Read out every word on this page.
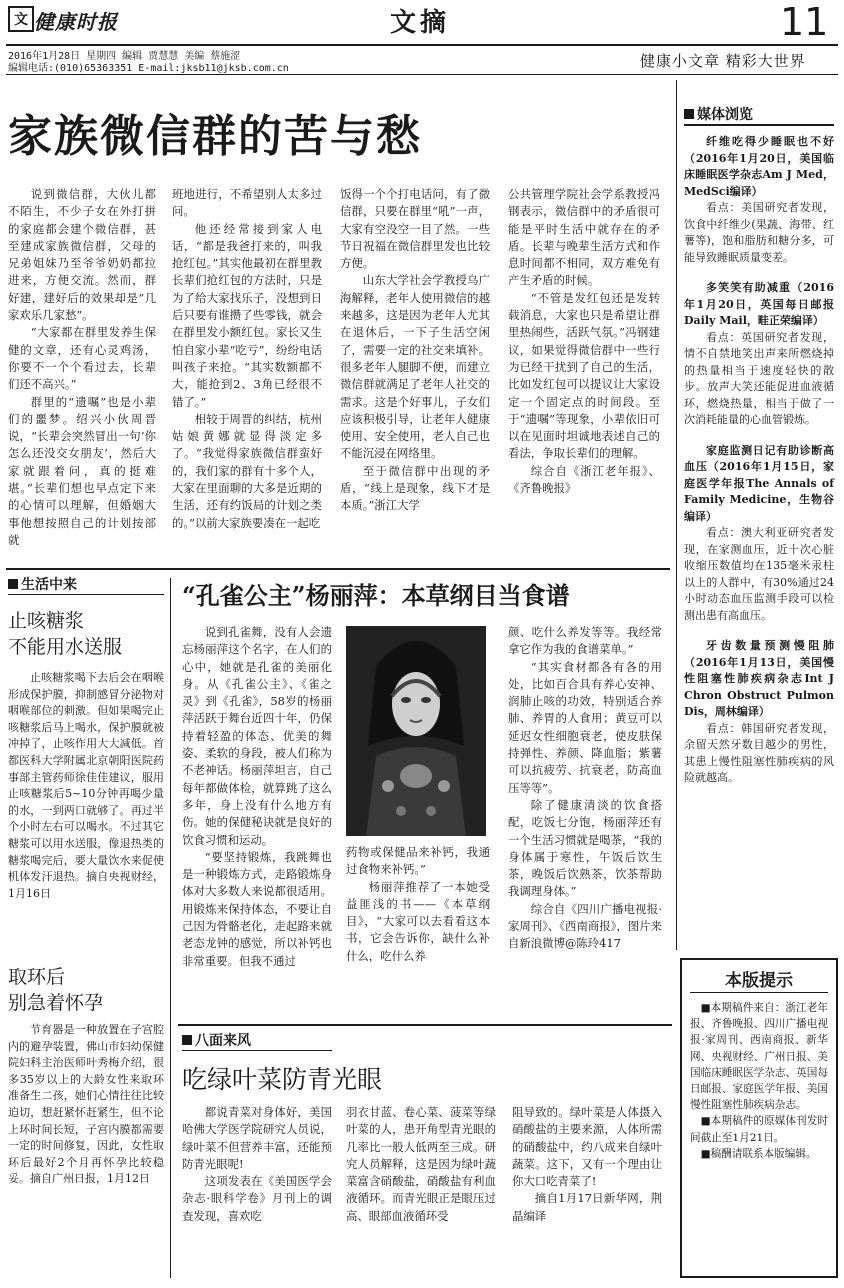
文 健康时报	文摘	11
2016年1月28日 星期四 编辑 贾慧慧 美编 蔡施涩
编辑电话:(010)65363351 E-mail:jksb11@jksb.com.cn	健康小文章 精彩大世界
家族微信群的苦与愁

说到微信群，大伙儿都不陌生，不少子女在外打拼的家庭都会建个微信群，甚至建成家族微信群，父母的兄弟姐妹乃至爷爷奶奶都拉进来，方便交流。然而，群好建，建好后的效果却是“几家欢乐几家愁”。

“大家都在群里发养生保健的文章，还有心灵鸡汤，你要不一个个看过去，长辈们还不高兴。”

群里的“遗嘱”也是小辈们的噩梦。绍兴小伙周晋说，“长辈会突然冒出一句‘你怎么还没交女朋友’，然后大家就跟着问，真的挺难堪。”长辈们想也早点定下来的心情可以理解，但婚姻大事他想按照自己的计划按部就

班地进行，不希望别人太多过问。

他还经常接到家人电话，“都是我爸打来的，叫我抢红包。”其实他最初在群里教长辈们抢红包的方法时，只是为了给大家找乐子，没想到日后只要有谁攒了些零钱，就会在群里发小额红包。家长又生怕自家小辈“吃亏”，纷纷电话叫孩子来抢。“其实数额都不大，能抢到2、3角已经很不错了。”

相较于周晋的纠结，杭州姑娘黄娜就显得淡定多了。“我觉得家族微信群蛮好的，我们家的群有十多个人，大家在里面聊的大多是近期的生活，还有约饭局的计划之类的。”以前大家族要凑在一起吃

饭得一个个打电话问，有了微信群，只要在群里“吼”一声，大家有空没空一目了然。一些节日祝福在微信群里发也比较方便。

山东大学社会学教授乌广海解释，老年人使用微信的越来越多，这是因为老年人尤其在退休后，一下子生活空闲了，需要一定的社交来填补。很多老年人腿脚不便，而建立微信群就满足了老年人社交的需求。这是个好事儿，子女们应该积极引导，让老年人健康使用、安全使用，老人自己也不能沉浸在网络里。

至于微信群中出现的矛盾，“线上是现象，线下才是本质。”浙江大学

公共管理学院社会学系教授冯钢表示，微信群中的矛盾很可能是平时生活中就存在的矛盾。长辈与晚辈生活方式和作息时间都不相同，双方难免有产生矛盾的时候。

“不管是发红包还是发转载消息，大家也只是希望让群里热闹些，活跃气氛。”冯钢建议，如果觉得微信群中一些行为已经干扰到了自己的生活，比如发红包可以提议让大家设定一个固定点的时间段。至于“遗嘱”等现象，小辈依旧可以在见面时坦诚地表述自己的看法，争取长辈们的理解。

综合自《浙江老年报》、《齐鲁晚报》

媒体浏览

纤维吃得少睡眠也不好（2016年1月20日，美国临床睡眠医学杂志Am J Med，MedSci编译）

看点：美国研究者发现，饮食中纤维少(果蔬、海带、红薯等)，饱和脂肪和糖分多，可能导致睡眠质量变差。

多笑笑有助减重（2016年1月20日，英国每日邮报Daily Mail，畦正荣编译）

看点：英国研究者发现，情不自禁地笑出声来所燃烧掉的热量相当于速度轻快的散步。放声大笑还能促进血液循环，燃烧热量，相当于做了一次消耗能量的心血管锻炼。

家庭监测日记有助诊断高血压（2016年1月15日，家庭医学年报The Annals of Family Medicine，生物谷编译）

看点：澳大利亚研究者发现，在家测血压，近十次心脏收缩压数值均在135毫米汞柱以上的人群中，有30%通过24小时动态血压监测手段可以检测出患有高血压。

牙齿数量预测慢阻肺（2016年1月13日，美国慢性阻塞性肺疾病杂志Int J Chron Obstruct Pulmon Dis，周林编译）

看点：韩国研究者发现，余留天然牙数目越少的男性，其患上慢性阻塞性肺疾病的风险就越高。

生活中来
止咳糖浆
不能用水送服

止咳糖浆喝下去后会在咽喉形成保护膜，抑制感冒分泌物对咽喉部位的刺激。但如果喝完止咳糖浆后马上喝水，保护膜就被冲掉了，止咳作用大大减低。首都医科大学附属北京朝阳医院药事部主管药师徐佳佳建议，服用止咳糖浆后5~10分钟再喝少量的水，一到两口就够了。再过半个小时左右可以喝水。不过其它糖浆可以用水送服，像退热类的糖浆喝完后，要大量饮水来促使机体发汗退热。摘自央视财经，1月16日

取环后
别急着怀孕

节育器是一种放置在子宫腔内的避孕装置，佛山市妇幼保健院妇科主治医师叶秀梅介绍，很多35岁以上的大龄女性来取环准备生二孩，她们心情往往比较迫切，想赶紧怀赶紧生，但不论上环时间长短，子宫内膜都需要一定的时间修复，因此，女性取环后最好2个月再怀孕比较稳妥。摘自广州日报，1月12日

“孔雀公主”杨丽萍：本草纲目当食谱

说到孔雀舞，没有人会遗忘杨丽萍这个名字，在人们的心中，她就是孔雀的美丽化身。从《孔雀公主》、《雀之灵》到《孔雀》，58岁的杨丽萍活跃于舞台近四十年，仍保持着轻盈的体态、优美的舞姿、柔软的身段，被人们称为不老神话。杨丽萍坦言，自己每年都做体检，就算跳了这么多年，身上没有什么地方有伤。她的保健秘诀就是良好的饮食习惯和运动。

“要坚持锻炼，我跳舞也是一种锻炼方式，走路锻炼身体对大多数人来说都很适用。用锻炼来保持体态，不要让自己因为骨骼老化，走起路来就老态龙钟的感觉，所以补钙也非常重要。但我不通过

药物或保健品来补钙，我通过食物来补钙。”

杨丽萍推荐了一本她受益匪浅的书——《本草纲目》，“大家可以去看看这本书，它会告诉你，缺什么补什么，吃什么养

颜、吃什么养发等等。我经常拿它作为我的食谱菜单。”

“其实食材都各有各的用处，比如百合具有养心安神、润肺止咳的功效，特别适合养肺、养胃的人食用；黄豆可以延迟女性细胞衰老，使皮肤保持弹性、养颜、降血脂；紫薯可以抗疲劳、抗衰老，防高血压等等”。

除了健康清淡的饮食搭配，吃饭七分饱，杨丽萍还有一个生活习惯就是喝茶，“我的身体属于寒性，午饭后饮生茶，晚饭后饮熟茶，饮茶帮助我调理身体。”

综合自《四川广播电视报·家周刊》、《西南商报》，图片来自新浪微博@陈玲417

八面来风
吃绿叶菜防青光眼

都说青菜对身体好，美国哈佛大学医学院研究人员说，绿叶菜不但营养丰富，还能预防青光眼呢!

这项发表在《美国医学会杂志·眼科学卷》月刊上的调查发现，喜欢吃

羽衣甘蓝、卷心菜、菠菜等绿叶菜的人，患开角型青光眼的几率比一般人低两至三成。研究人员解释，这是因为绿叶蔬菜富含硝酸盐，硝酸盐有利血液循环。而青光眼正是眼压过高、眼部血液循环受

阻导致的。绿叶菜是人体摄入硝酸盐的主要来源，人体所需的硝酸盐中，约八成来自绿叶蔬菜。这下，又有一个理由让你大口吃青菜了!

摘自1月17日新华网，荆晶编译

本版提示

■本期稿件来自：浙江老年报、齐鲁晚报、四川广播电视报·家周刊、西南商报、新华网、央视财经、广州日报、美国临床睡眠医学杂志、英国每日邮报、家庭医学年报、美国慢性阻塞性肺疾病杂志。

■本期稿件的原媒体刊发时间截止至1月21日。

■稿酬请联系本版编辑。
